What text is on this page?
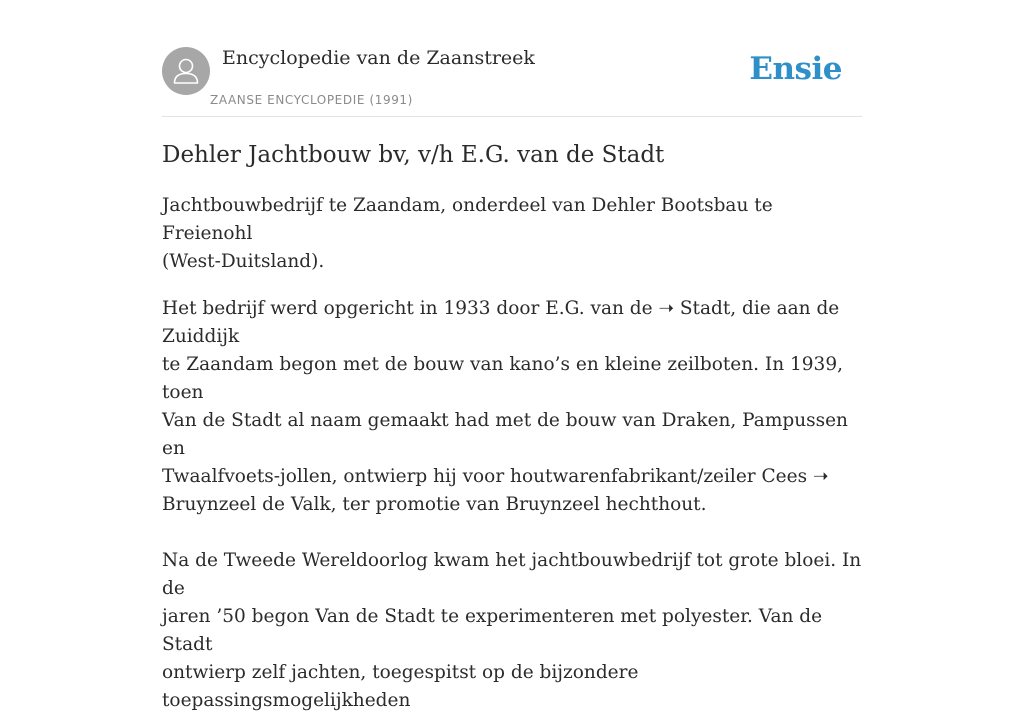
Encyclopedie van de Zaanstreek
ZAANSE ENCYCLOPEDIE (1991)
Ensie
Dehler Jachtbouw bv, v/h E.G. van de Stadt

Jachtbouwbedrijf te Zaandam, onderdeel van Dehler Bootsbau te Freienohl
(West-Duitsland).

Het bedrijf werd opgericht in 1933 door E.G. van de ➝ Stadt, die aan de Zuiddijk
te Zaandam begon met de bouw van kano’s en kleine zeilboten. In 1939, toen
Van de Stadt al naam gemaakt had met de bouw van Draken, Pampussen en
Twaalfvoets-jollen, ontwierp hij voor houtwarenfabrikant/zeiler Cees ➝
Bruynzeel de Valk, ter promotie van Bruynzeel hechthout.

Na de Tweede Wereldoorlog kwam het jachtbouwbedrijf tot grote bloei. In de
jaren ’50 begon Van de Stadt te experimenteren met polyester. Van de Stadt
ontwierp zelf jachten, toegespitst op de bijzondere toepassingsmogelijkheden
